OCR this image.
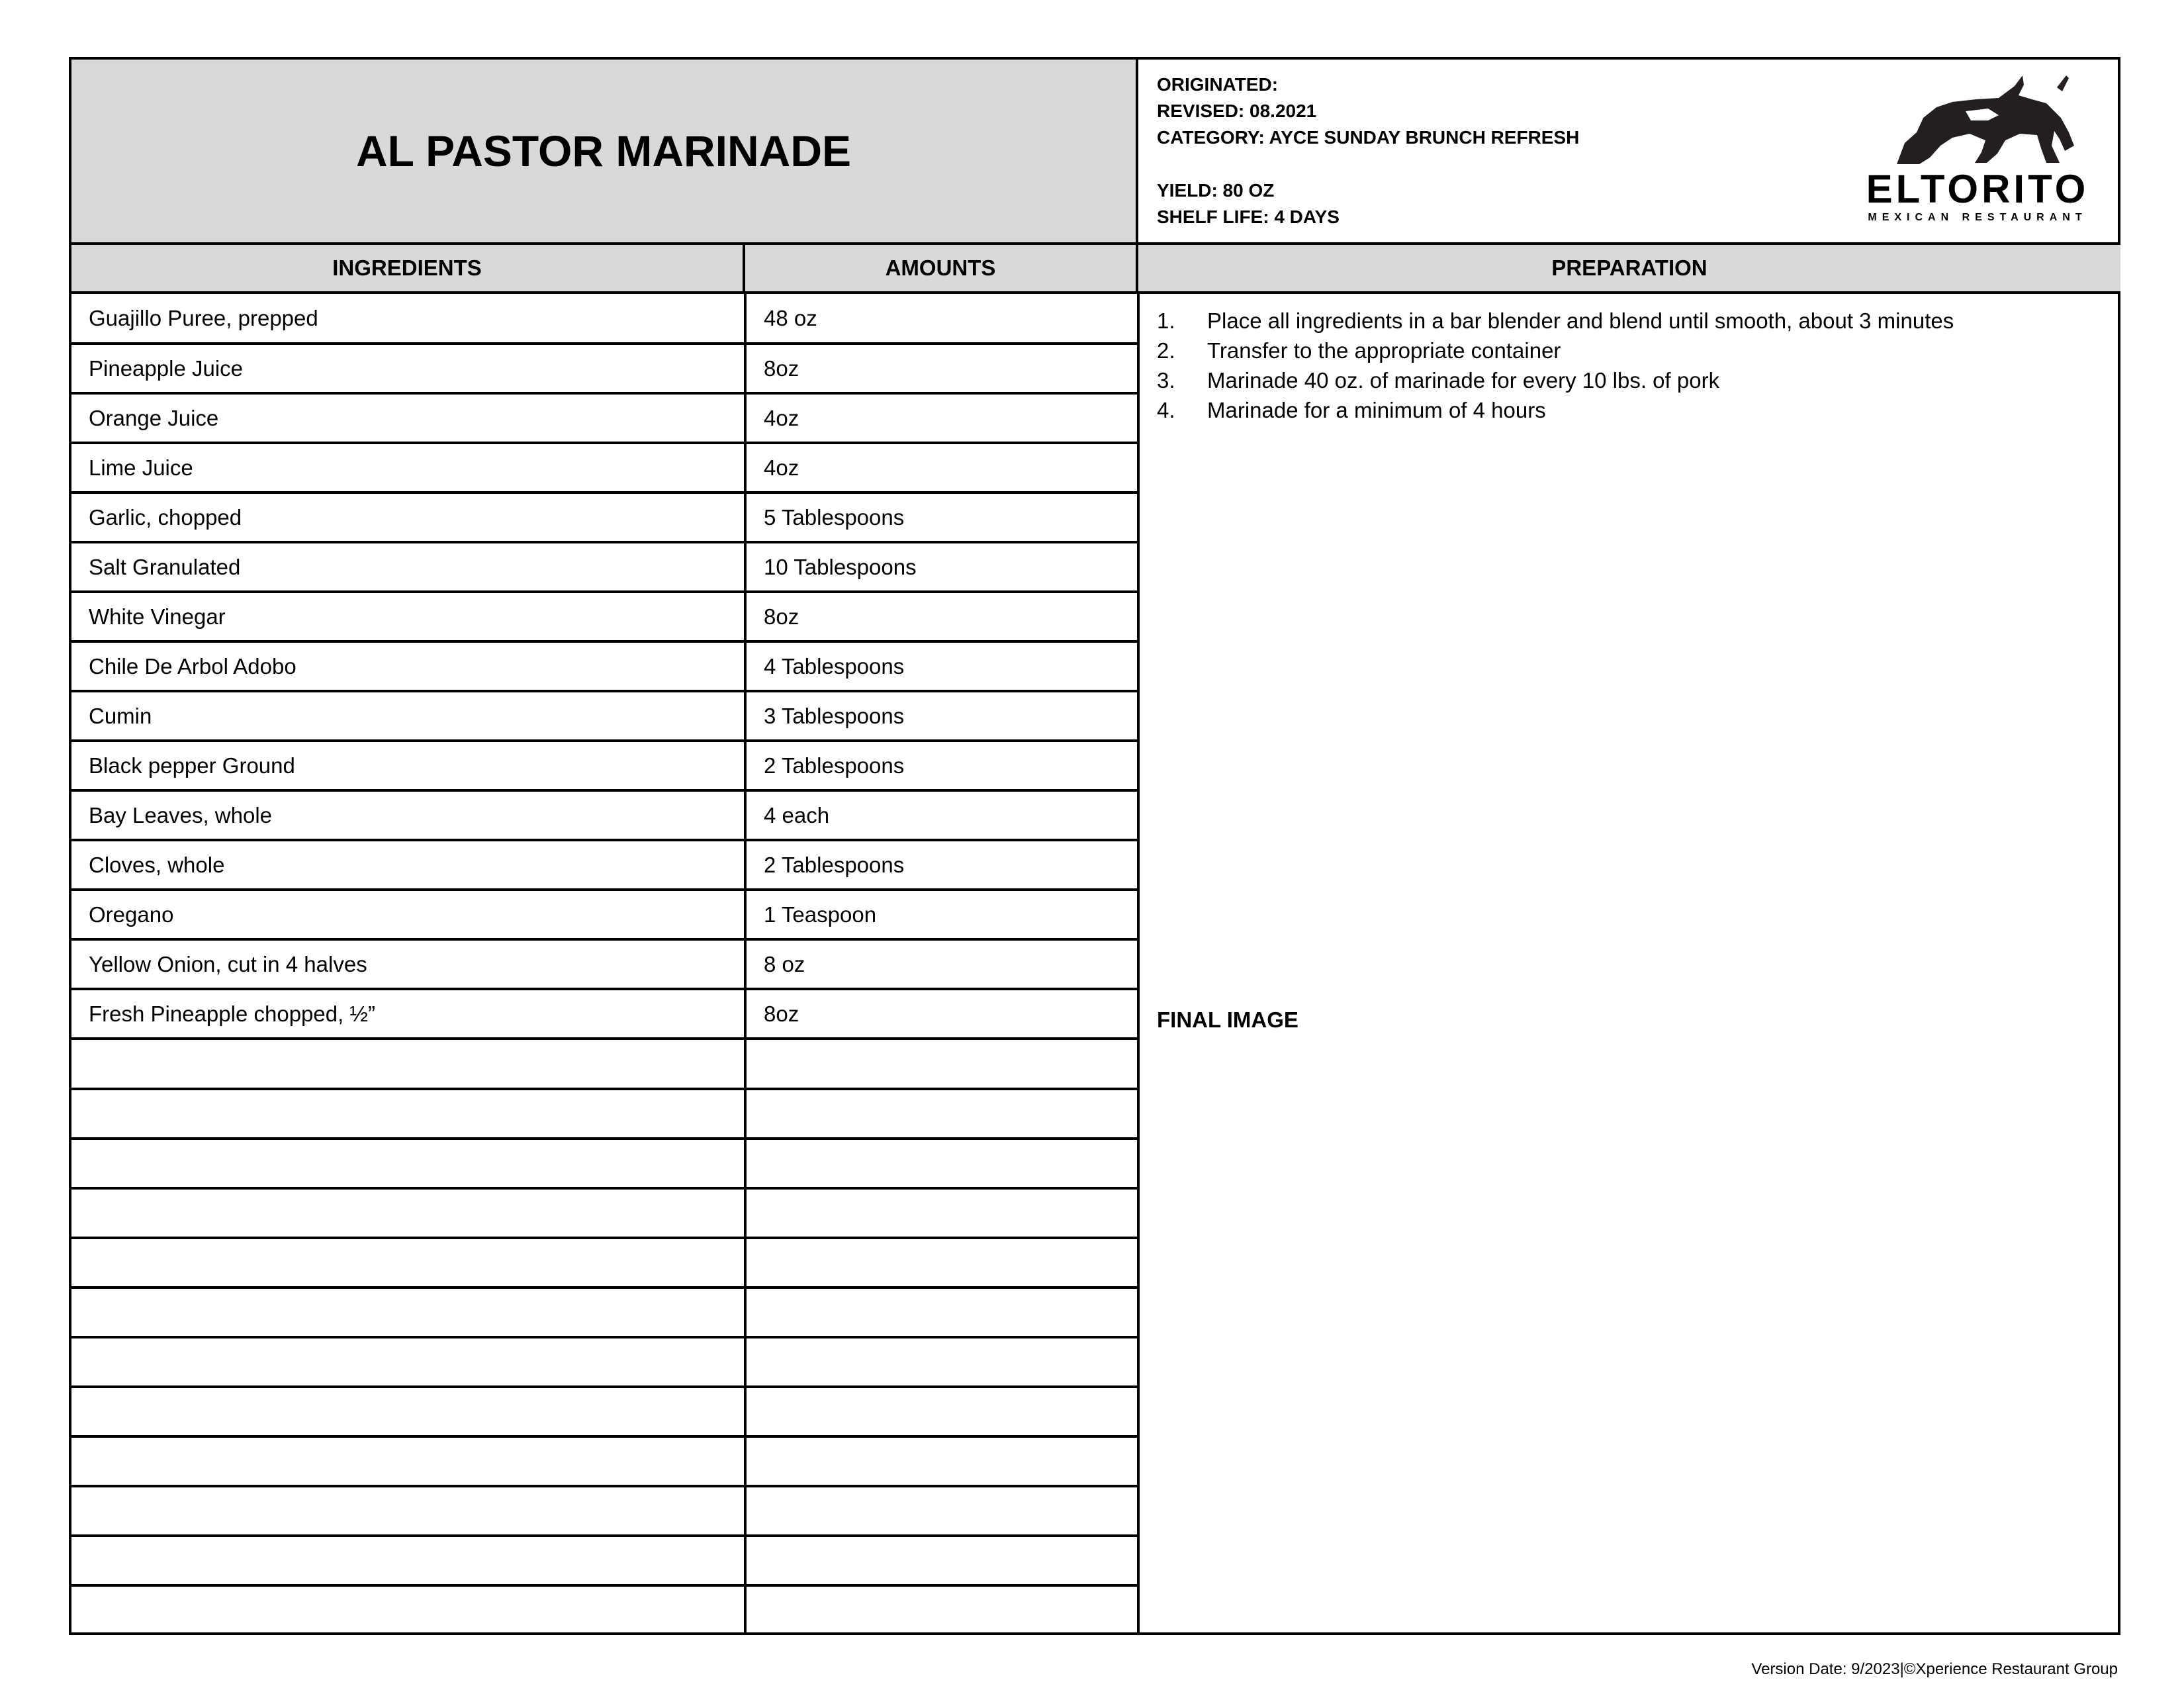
AL PASTOR MARINADE
ORIGINATED:
REVISED: 08.2021
CATEGORY: AYCE SUNDAY BRUNCH REFRESH
YIELD: 80 OZ
SHELF LIFE: 4 DAYS
ELTORITO
MEXICAN RESTAURANT
INGREDIENTS	AMOUNTS	PREPARATION
Guajillo Puree, prepped	48 oz
Pineapple Juice	8oz
Orange Juice	4oz
Lime Juice	4oz
Garlic, chopped	5 Tablespoons
Salt Granulated	10 Tablespoons
White Vinegar	8oz
Chile De Arbol Adobo	4 Tablespoons
Cumin	3 Tablespoons
Black pepper Ground	2 Tablespoons
Bay Leaves, whole	4 each
Cloves, whole	2 Tablespoons
Oregano	1 Teaspoon
Yellow Onion, cut in 4 halves	8 oz
Fresh Pineapple chopped, ½”	8oz

1.	Place all ingredients in a bar blender and blend until smooth, about 3 minutes
2.	Transfer to the appropriate container
3.	Marinade 40 oz. of marinade for every 10 lbs. of pork
4.	Marinade for a minimum of 4 hours
FINAL IMAGE
Version Date: 9/2023|©Xperience Restaurant Group
